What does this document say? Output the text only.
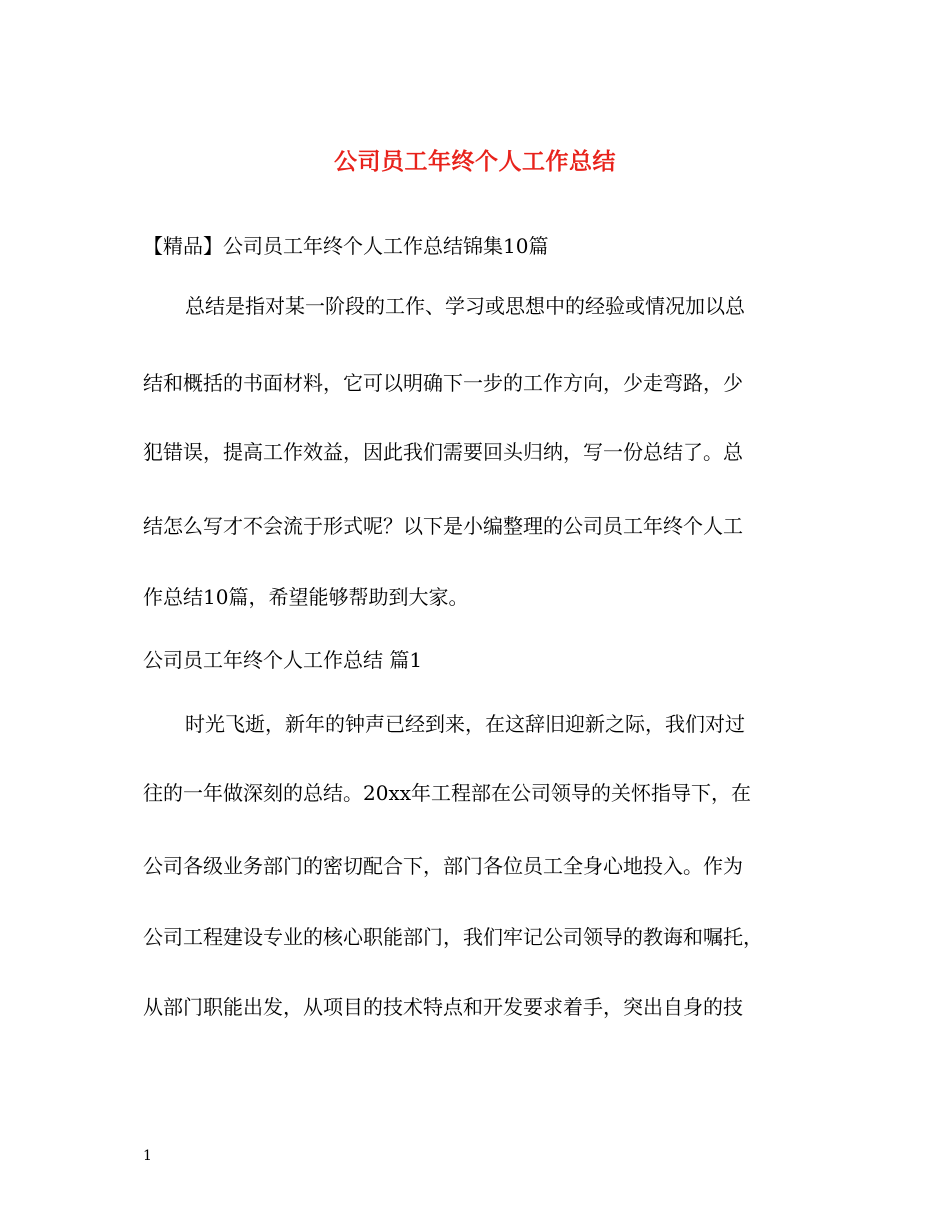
公司员工年终个人工作总结
【精品】公司员工年终个人工作总结锦集10篇
总结是指对某一阶段的工作、学习或思想中的经验或情况加以总
结和概括的书面材料，它可以明确下一步的工作方向，少走弯路，少
犯错误，提高工作效益，因此我们需要回头归纳，写一份总结了。总
结怎么写才不会流于形式呢？以下是小编整理的公司员工年终个人工
作总结10篇，希望能够帮助到大家。
公司员工年终个人工作总结 篇1
时光飞逝，新年的钟声已经到来，在这辞旧迎新之际，我们对过
往的一年做深刻的总结。20xx年工程部在公司领导的关怀指导下，在
公司各级业务部门的密切配合下，部门各位员工全身心地投入。作为
公司工程建设专业的核心职能部门，我们牢记公司领导的教诲和嘱托，
从部门职能出发，从项目的技术特点和开发要求着手，突出自身的技
1
